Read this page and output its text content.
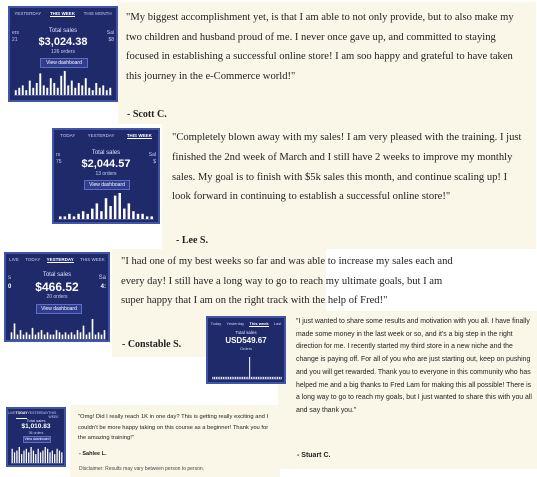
YESTERDAY THIS WEEK THIS MONTH
ers
21
Sal
$8
Total sales
$3,024.38
126 orders
View dashboard
TODAY	YESTERDAY	THIS WEEK
rs
75
Sal
$
Total sales
$2,044.57
13 orders
View dashboard
LIVE TODAY YESTERDAY THIS WEEK
s
0
Sa
4:
Total sales
$466.52
20 orders
View dashboard
Today Yesterday This week Last
Total sales
USD549.67
Orders
LIVE TODAY YESTERDAY THIS WEEK
Total sales
$1,010.83
35 orders
View dashboard
"My biggest accomplishment yet, is that I am able to not only provide, but to also make my two children and husband proud of me. I never once gave up, and committed to staying focused in establishing a successful online store! I am soo happy and grateful to have taken this journey in the e-Commerce world!"
- Scott C.
"Completely blown away with my sales! I am very pleased with the training. I just finished the 2nd week of March and I still have 2 weeks to improve my monthly sales. My goal is to finish with $5k sales this month, and continue scaling up! I look forward in continuing to establish a successful online store!"
- Lee S.
"I had one of my best weeks so far and was able to increase my sales each and every day! I still have a long way to go to reach my ultimate goals, but I am super happy that I am on the right track with the help of Fred!"
- Constable S.
"I just wanted to share some results and motivation with you all. I have finally made some money in the last week or so, and it's a big step in the right direction for me. I recently started my third store in a new niche and the change is paying off. For all of you who are just starting out, keep on pushing and you will get rewarded. Thank you to everyone in this community who has helped me and a big thanks to Fred Lam for making this all possible! There is a long way to go to reach my goals, but I just wanted to share this with you all and say thank you."
- Stuart C.
"Omg! Did I really reach 1K in one day? This is getting really exciting and I couldn't be more happy taking on this course as a beginner! Thank you for the amazing training!"
- Sahlee L.
Disclaimer: Results may vary between person to person.
